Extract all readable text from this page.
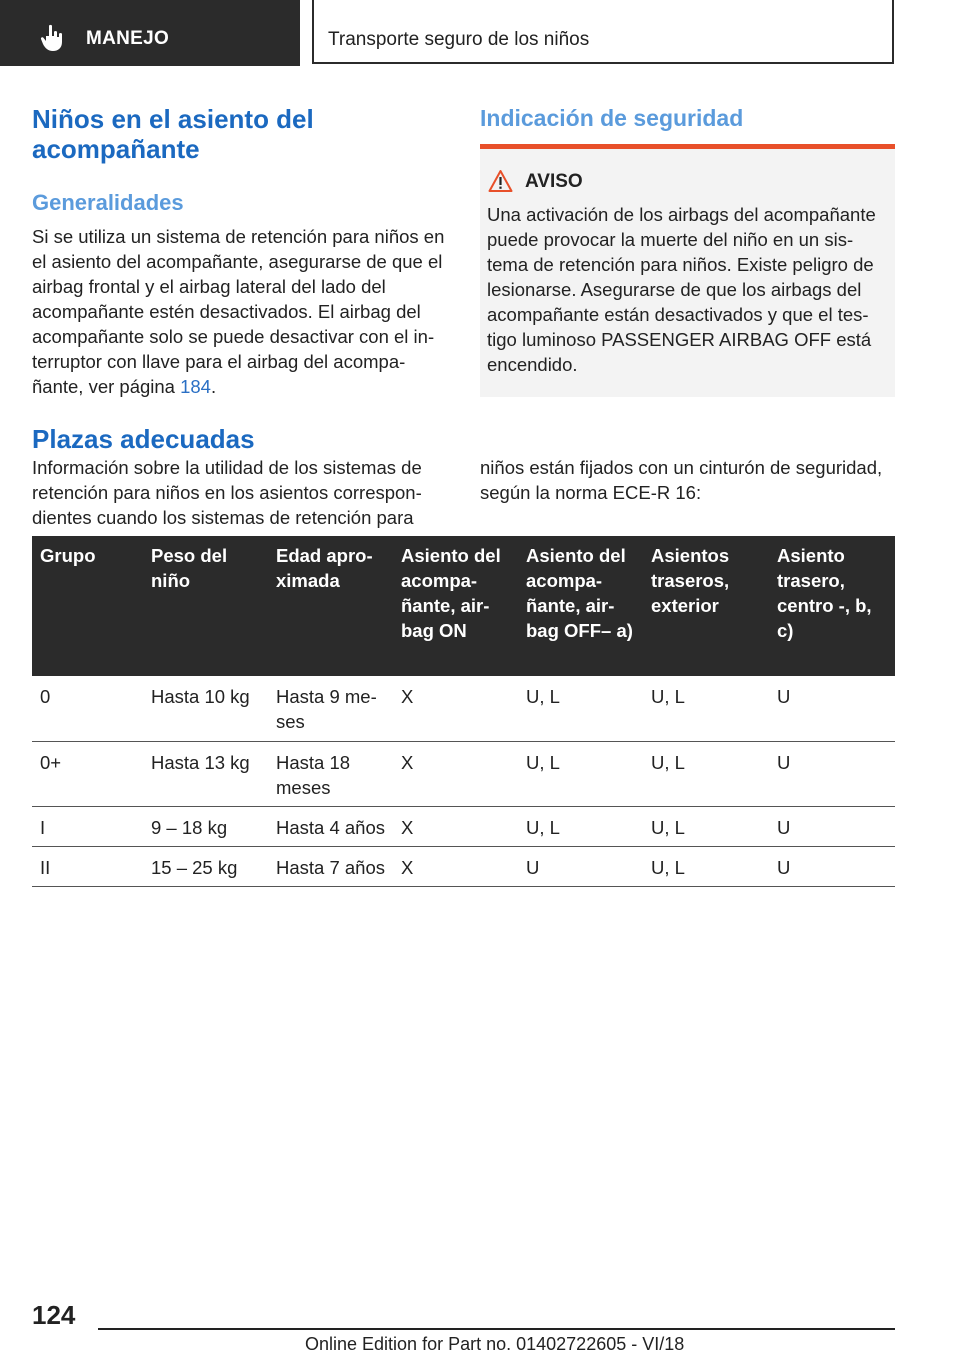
MANEJO	Transporte seguro de los niños
Niños en el asiento del acompañante
Generalidades

Si se utiliza un sistema de retención para niños en el asiento del acompañante, asegurarse de que el airbag frontal y el airbag lateral del lado del acompañante estén desactivados. El airbag del acompañante solo se puede desactivar con el in- terruptor con llave para el airbag del acompa- ñante, ver página 184.

Indicación de seguridad
AVISO

Una activación de los airbags del acompañante puede provocar la muerte del niño en un sis- tema de retención para niños. Existe peligro de lesionarse. Asegurarse de que los airbags del acompañante están desactivados y que el tes- tigo luminoso PASSENGER AIRBAG OFF está encendido.

Plazas adecuadas

Información sobre la utilidad de los sistemas de retención para niños en los asientos correspon- dientes cuando los sistemas de retención para

niños están fijados con un cinturón de seguridad, según la norma ECE-R 16:

Grupo	Peso del niño	Edad apro- ximada	Asiento del acompa- ñante, air- bag ON	Asiento del acompa- ñante, air- bag OFF– a)	Asientos traseros, exterior	Asiento trasero, centro -, b, c)
0	Hasta 10 kg	Hasta 9 me- ses	X	U, L	U, L	U
0+	Hasta 13 kg	Hasta 18 meses	X	U, L	U, L	U
I	9 – 18 kg	Hasta 4 años	X	U, L	U, L	U
II	15 – 25 kg	Hasta 7 años	X	U	U, L	U
124
Online Edition for Part no. 01402722605 - VI/18
